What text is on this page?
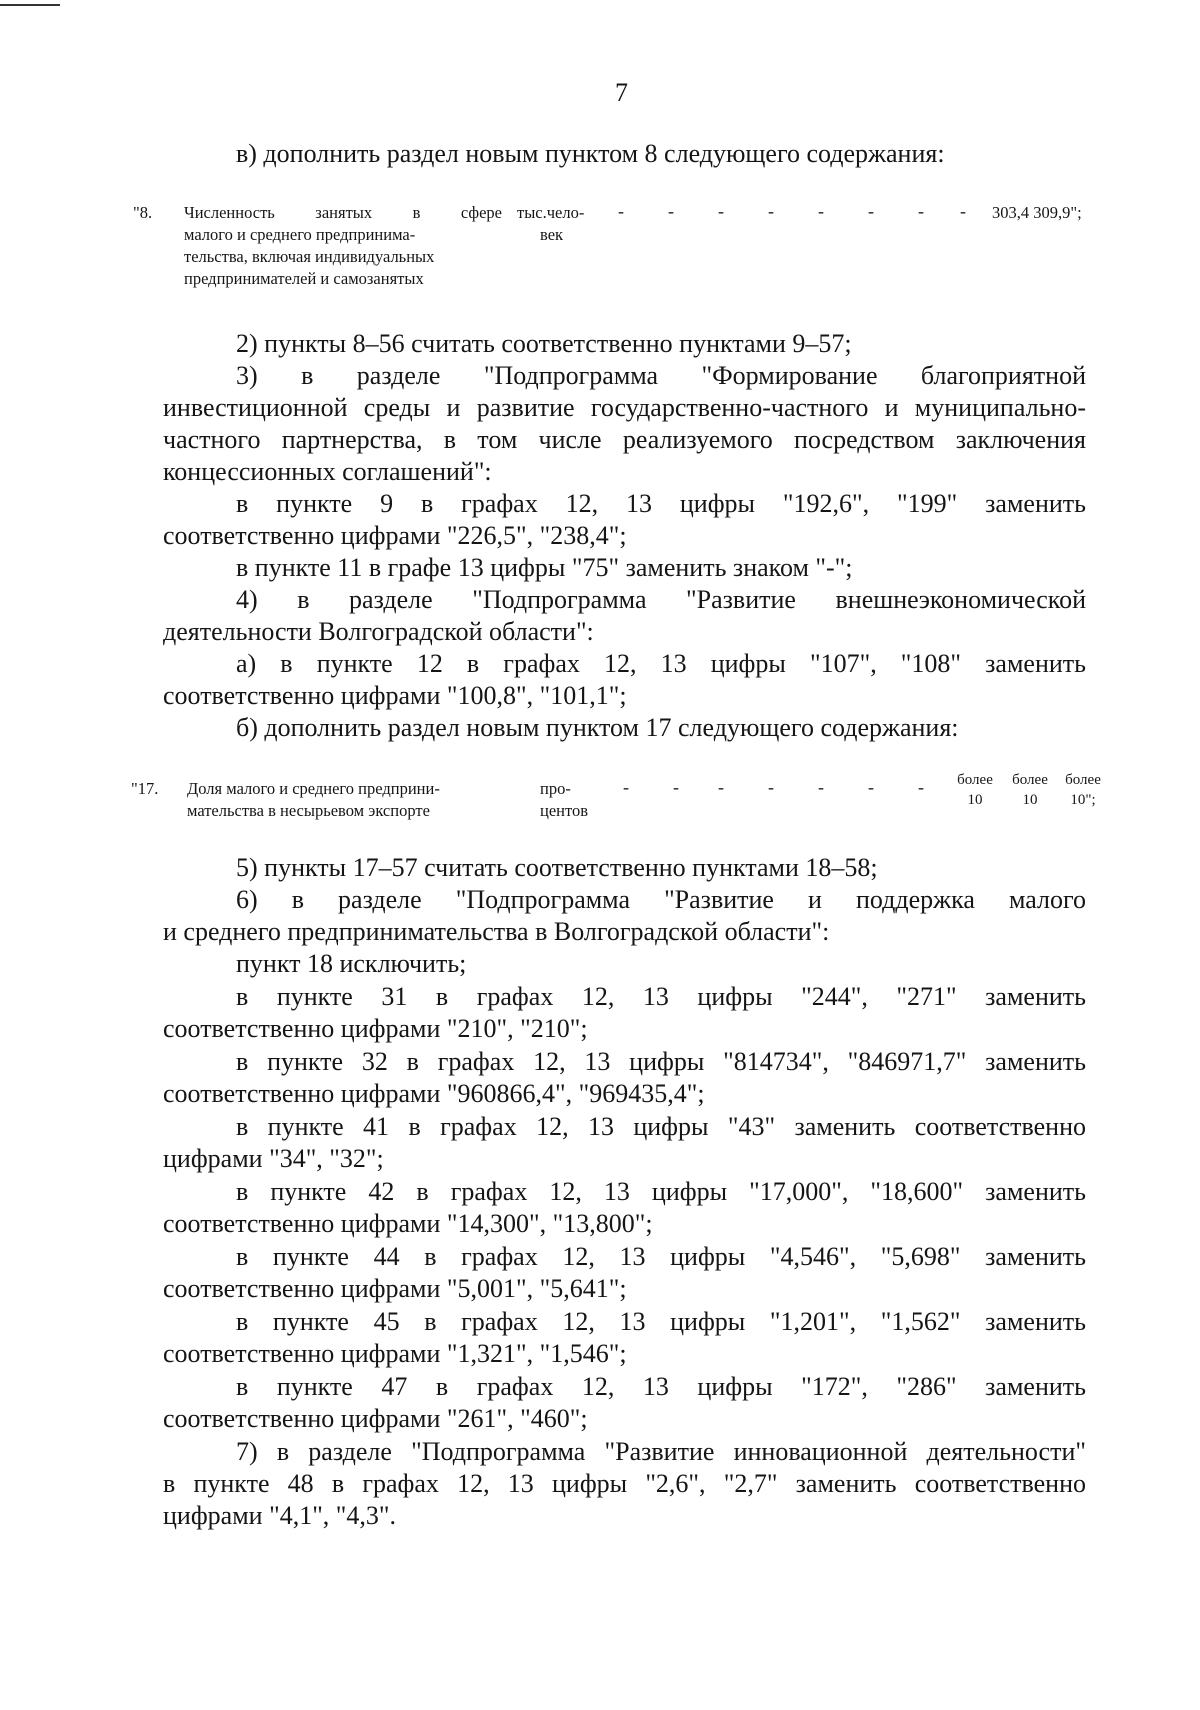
7
в) дополнить раздел новым пунктом 8 следующего содержания:
"8. Численность занятых в сфере
малого и среднего предпринима-
тельства, включая индивидуальных
предпринимателей и самозанятых
тыс.чело-
век
- - - - - - - - 303,4 309,9";
2) пункты 8–56 считать соответственно пунктами 9–57;
3) в разделе "Подпрограмма "Формирование благоприятной
инвестиционной среды и развитие государственно-частного и муниципально-
частного партнерства, в том числе реализуемого посредством заключения
концессионных соглашений":
в пункте 9 в графах 12, 13 цифры "192,6", "199" заменить
соответственно цифрами "226,5", "238,4";
в пункте 11 в графе 13 цифры "75" заменить знаком "-";
4) в разделе "Подпрограмма "Развитие внешнеэкономической
деятельности Волгоградской области":
а) в пункте 12 в графах 12, 13 цифры "107", "108" заменить
соответственно цифрами "100,8", "101,1";
б) дополнить раздел новым пунктом 17 следующего содержания:
"17. Доля малого и среднего предприни-
мательства в несырьевом экспорте
про-
центов
- - - - - - -	более
10
более
10
более
10";
5) пункты 17–57 считать соответственно пунктами 18–58;
6) в разделе "Подпрограмма "Развитие и поддержка малого
и среднего предпринимательства в Волгоградской области":
пункт 18 исключить;
в пункте 31 в графах 12, 13 цифры "244", "271" заменить
соответственно цифрами "210", "210";
в пункте 32 в графах 12, 13 цифры "814734", "846971,7" заменить
соответственно цифрами "960866,4", "969435,4";
в пункте 41 в графах 12, 13 цифры "43" заменить соответственно
цифрами "34", "32";
в пункте 42 в графах 12, 13 цифры "17,000", "18,600" заменить
соответственно цифрами "14,300", "13,800";
в пункте 44 в графах 12, 13 цифры "4,546", "5,698" заменить
соответственно цифрами "5,001", "5,641";
в пункте 45 в графах 12, 13 цифры "1,201", "1,562" заменить
соответственно цифрами "1,321", "1,546";
в пункте 47 в графах 12, 13 цифры "172", "286" заменить
соответственно цифрами "261", "460";
7) в разделе "Подпрограмма "Развитие инновационной деятельности"
в пункте 48 в графах 12, 13 цифры "2,6", "2,7" заменить соответственно
цифрами "4,1", "4,3".
